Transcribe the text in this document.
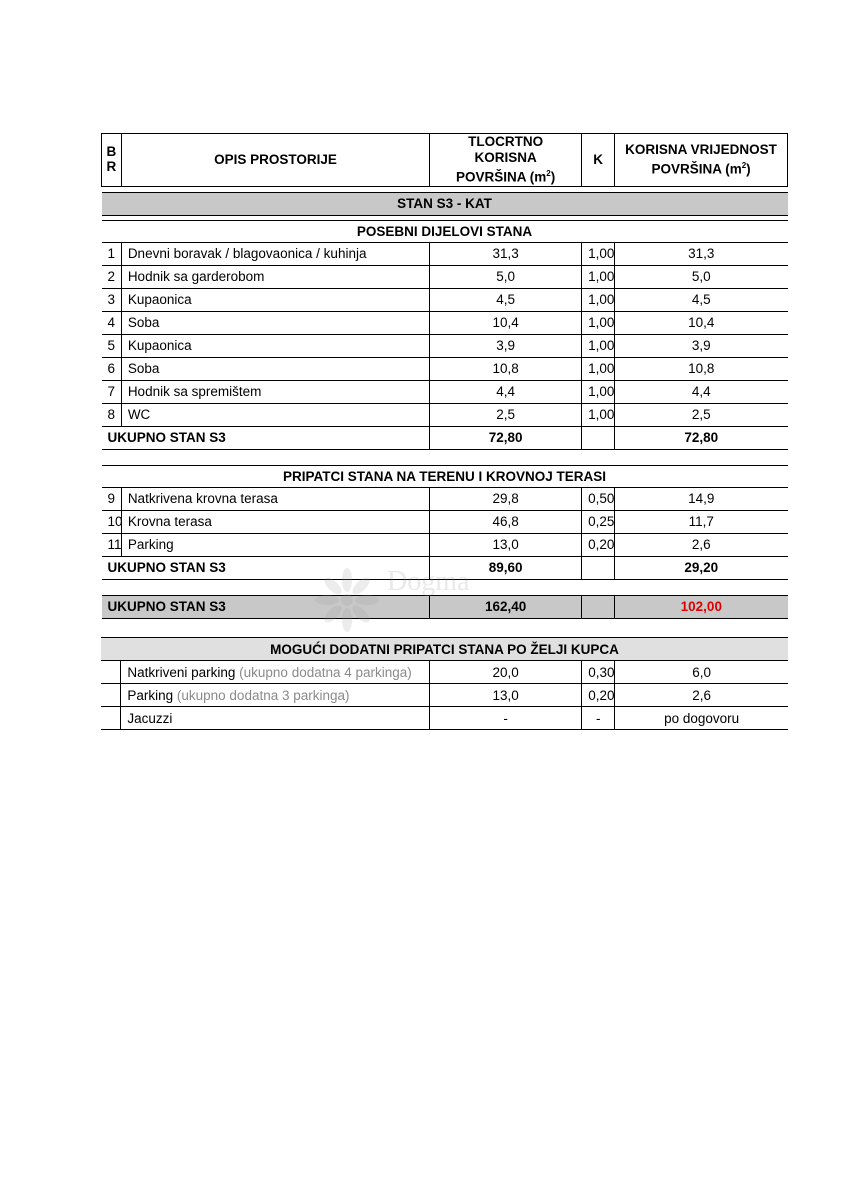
B R	OPIS PROSTORIJE	TLOCRTNO KORISNA
POVRŠINA $(m^2)$	K	KORISNA VRIJEDNOST
POVRŠINA $(m^2)$

STAN S3 - KAT				

POSEBNI DIJELOVI STANA				
1	Dnevni boravak / blagovaonica / kuhinja	31,3	1,00	31,3
2	Hodnik sa garderobom	5,0	1,00	5,0
3	Kupaonica	4,5	1,00	4,5
4	Soba	10,4	1,00	10,4
5	Kupaonica	3,9	1,00	3,9
6	Soba	10,8	1,00	10,8
7	Hodnik sa spremištem	4,4	1,00	4,4
8	WC	2,5	1,00	2,5
UKUPNO STAN S3		72,80		72,80

PRIPATCI STANA NA TERENU I KROVNOJ TERASI				
9	Natkrivena krovna terasa	29,8	0,50	14,9
10	Krovna terasa	46,8	0,25	11,7
11	Parking	13,0	0,20	2,6
UKUPNO STAN S3		89,60		29,20

UKUPNO STAN S3		162,40		102,00
MOGUĆI DODATNI PRIPATCI STANA PO ŽELJI KUPCA				
	Natkriveni parking (ukupno dodatna 4 parkinga)	20,0	0,30	6,0
	Parking (ukupno dodatna 3 parkinga)	13,0	0,20	2,6
	Jacuzzi	-	-	po dogovoru
Dogma
